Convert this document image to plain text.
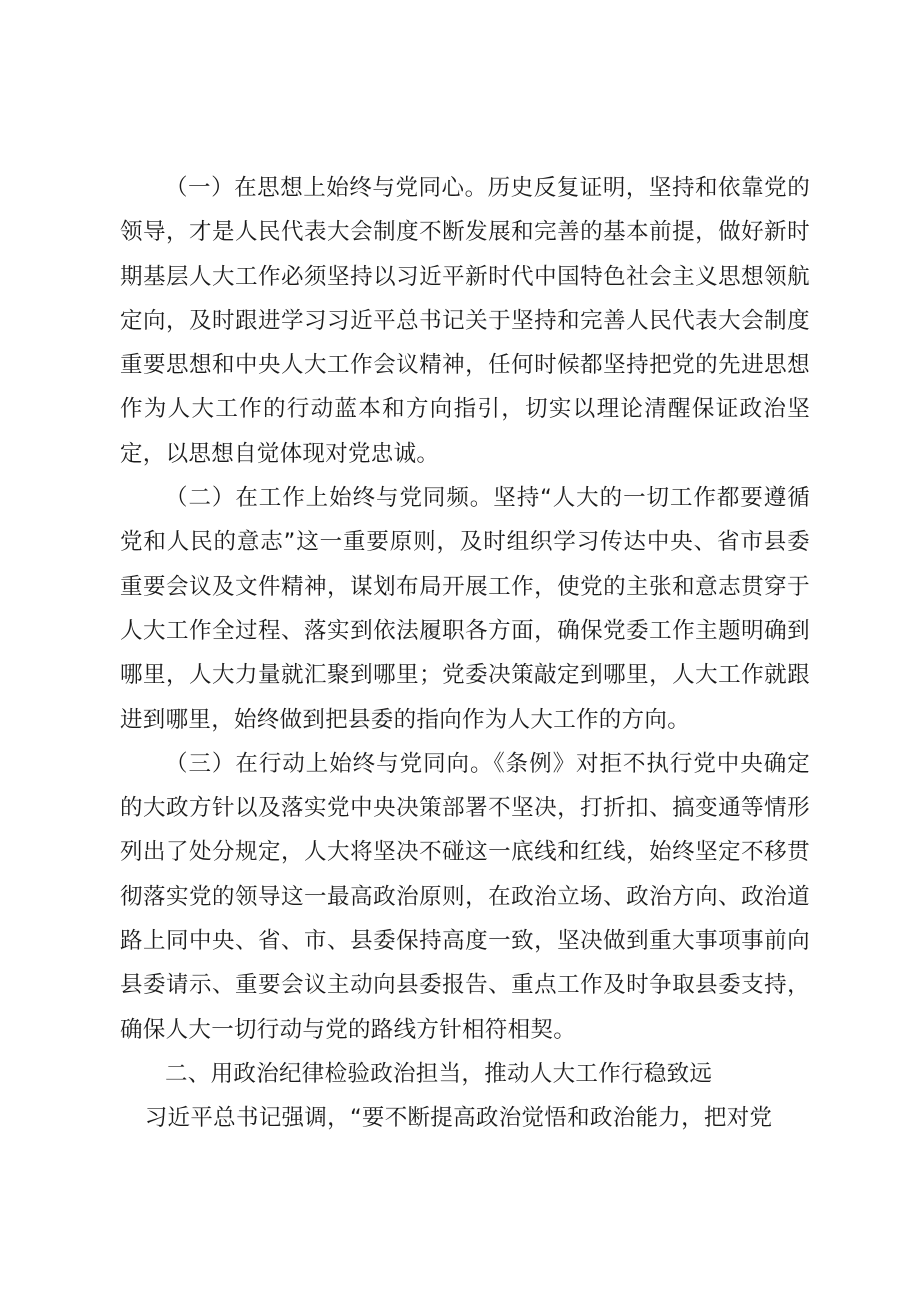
（一）在思想上始终与党同心。历史反复证明，坚持和依靠党的领导，才是人民代表大会制度不断发展和完善的基本前提，做好新时期基层人大工作必须坚持以习近平新时代中国特色社会主义思想领航定向，及时跟进学习习近平总书记关于坚持和完善人民代表大会制度重要思想和中央人大工作会议精神，任何时候都坚持把党的先进思想作为人大工作的行动蓝本和方向指引，切实以理论清醒保证政治坚定，以思想自觉体现对党忠诚。

（二）在工作上始终与党同频。坚持“人大的一切工作都要遵循党和人民的意志”这一重要原则，及时组织学习传达中央、省市县委重要会议及文件精神，谋划布局开展工作，使党的主张和意志贯穿于人大工作全过程、落实到依法履职各方面，确保党委工作主题明确到哪里，人大力量就汇聚到哪里；党委决策敲定到哪里，人大工作就跟进到哪里，始终做到把县委的指向作为人大工作的方向。

（三）在行动上始终与党同向。《条例》对拒不执行党中央确定的大政方针以及落实党中央决策部署不坚决，打折扣、搞变通等情形列出了处分规定，人大将坚决不碰这一底线和红线，始终坚定不移贯彻落实党的领导这一最高政治原则，在政治立场、政治方向、政治道路上同中央、省、市、县委保持高度一致，坚决做到重大事项事前向县委请示、重要会议主动向县委报告、重点工作及时争取县委支持，确保人大一切行动与党的路线方针相符相契。

二、用政治纪律检验政治担当，推动人大工作行稳致远

习近平总书记强调，“要不断提高政治觉悟和政治能力，把对党
